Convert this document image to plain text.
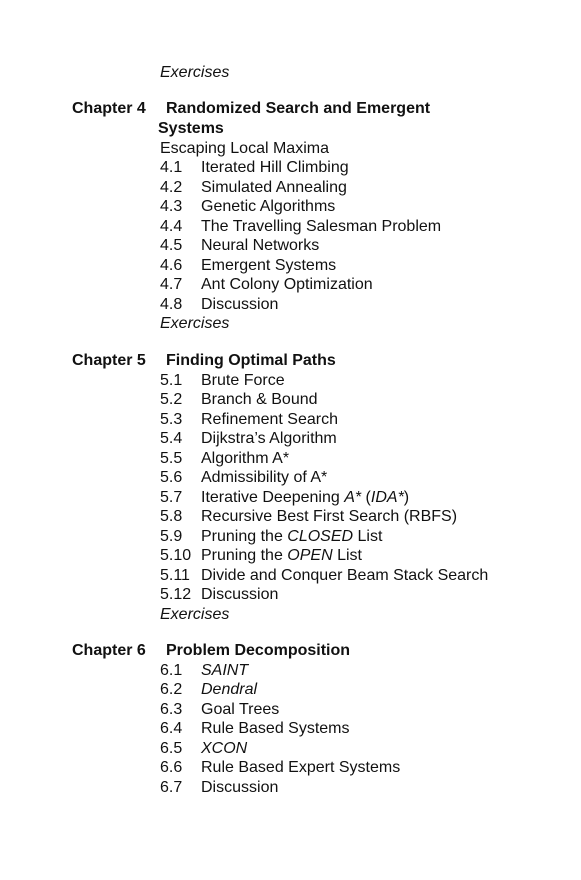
Exercises
Chapter 4 Randomized Search and Emergent
Systems
Escaping Local Maxima
4.1 Iterated Hill Climbing
4.2 Simulated Annealing
4.3 Genetic Algorithms
4.4 The Travelling Salesman Problem
4.5 Neural Networks
4.6 Emergent Systems
4.7 Ant Colony Optimization
4.8 Discussion
Exercises
Chapter 5 Finding Optimal Paths
5.1 Brute Force
5.2 Branch & Bound
5.3 Refinement Search
5.4 Dijkstra’s Algorithm
5.5 Algorithm A*
5.6 Admissibility of A*
5.7 Iterative Deepening A* (IDA*)
5.8 Recursive Best First Search (RBFS)
5.9 Pruning the CLOSED List
5.10 Pruning the OPEN List
5.11 Divide and Conquer Beam Stack Search
5.12 Discussion
Exercises
Chapter 6 Problem Decomposition
6.1 SAINT
6.2 Dendral
6.3 Goal Trees
6.4 Rule Based Systems
6.5 XCON
6.6 Rule Based Expert Systems
6.7 Discussion
